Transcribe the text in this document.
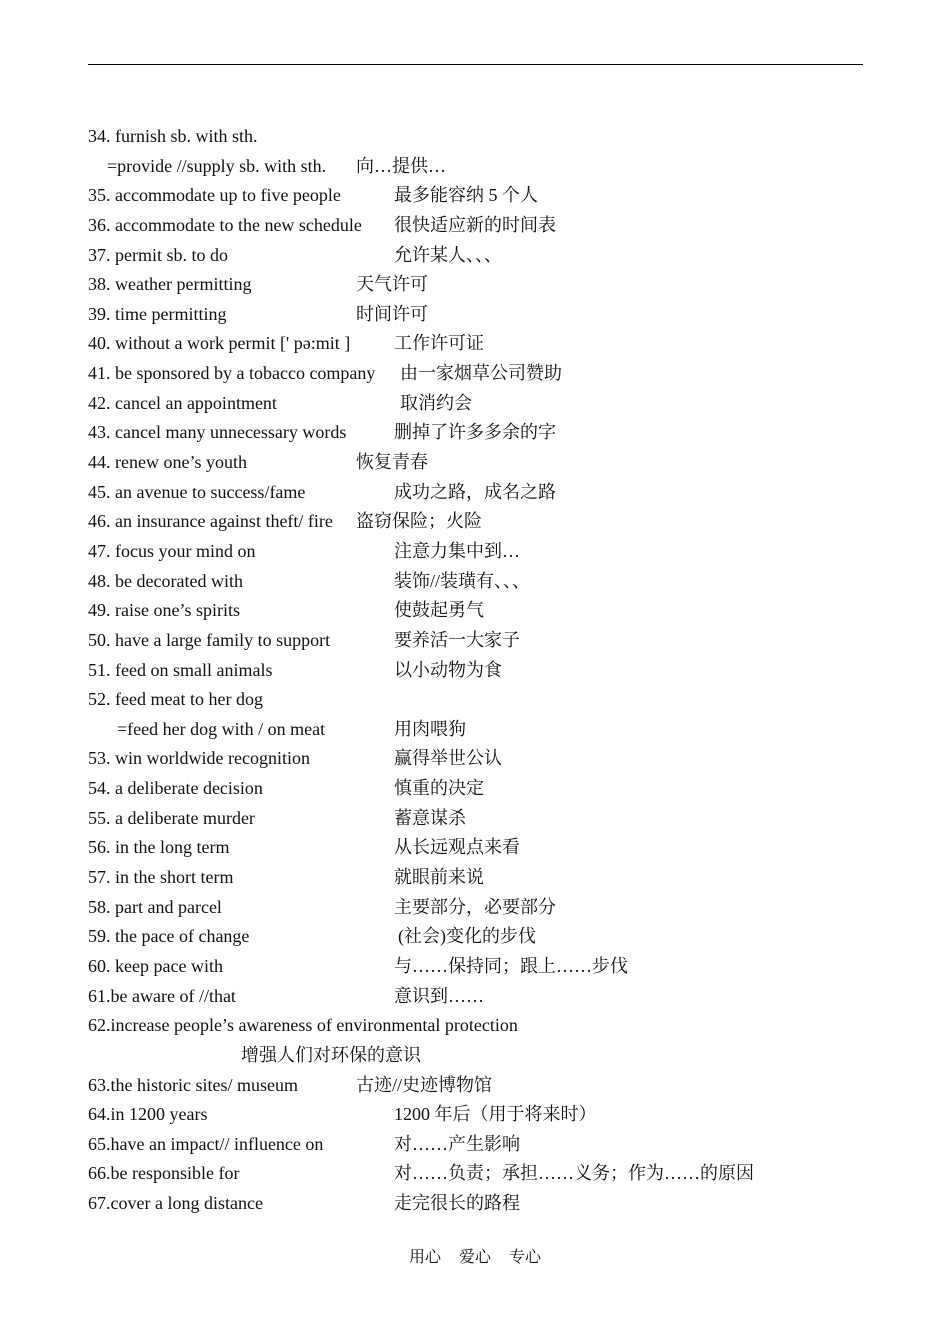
34. furnish sb. with sth.
=provide //supply sb. with sth. 向…提供…
35. accommodate up to five people	最多能容纳 5 个人
36. accommodate to the new schedule 很快适应新的时间表
37. permit sb. to do	允许某人、、、
38. weather permitting	天气许可
39. time permitting	时间许可
40. without a work permit [' pə:mit ] 工作许可证
41. be sponsored by a tobacco company 由一家烟草公司赞助
42. cancel an appointment	取消约会
43. cancel many unnecessary words	删掉了许多多余的字
44. renew one’s youth	恢复青春
45. an avenue to success/fame	成功之路，成名之路
46. an insurance against theft/ fire 盗窃保险；火险
47. focus your mind on	注意力集中到…
48. be decorated with	装饰//装璜有、、、
49. raise one’s spirits	使鼓起勇气
50. have a large family to support	要养活一大家子
51. feed on small animals	以小动物为食
52. feed meat to her dog
=feed her dog with / on meat	用肉喂狗
53. win worldwide recognition	赢得举世公认
54. a deliberate decision	慎重的决定
55. a deliberate murder	蓄意谋杀
56. in the long term	从长远观点来看
57. in the short term	就眼前来说
58. part and parcel	主要部分，必要部分
59. the pace of change	(社会)变化的步伐
60. keep pace with	与……保持同；跟上……步伐
61.be aware of //that	意识到……
62.increase people’s awareness of environmental protection
增强人们对环保的意识
63.the historic sites/ museum	古迹//史迹博物馆
64.in 1200 years	1200 年后（用于将来时）
65.have an impact// influence on	对……产生影响
66.be responsible for	对……负责；承担……义务；作为……的原因
67.cover a long distance	走完很长的路程
用心 爱心 专心
